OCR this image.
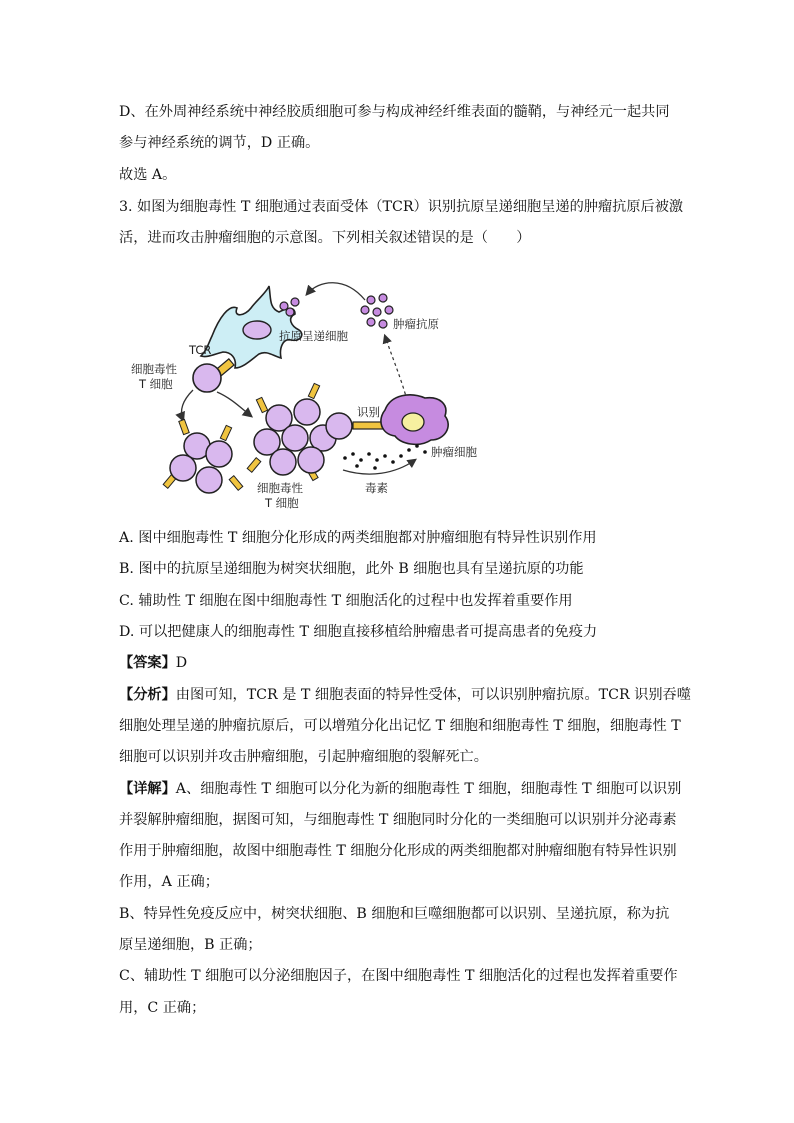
D、在外周神经系统中神经胶质细胞可参与构成神经纤维表面的髓鞘，与神经元一起共同
参与神经系统的调节，D 正确。
故选 A。
3. 如图为细胞毒性 T 细胞通过表面受体（TCR）识别抗原呈递细胞呈递的肿瘤抗原后被激
活，进而攻击肿瘤细胞的示意图。下列相关叙述错误的是（　　）
抗原呈递细胞
肿瘤抗原
TCR
细胞毒性
T 细胞
细胞毒性
T 细胞
识别
肿瘤细胞
毒素
A. 图中细胞毒性 T 细胞分化形成的两类细胞都对肿瘤细胞有特异性识别作用
B. 图中的抗原呈递细胞为树突状细胞，此外 B 细胞也具有呈递抗原的功能
C. 辅助性 T 细胞在图中细胞毒性 T 细胞活化的过程中也发挥着重要作用
D. 可以把健康人的细胞毒性 T 细胞直接移植给肿瘤患者可提高患者的免疫力
【答案】D
【分析】由图可知，TCR 是 T 细胞表面的特异性受体，可以识别肿瘤抗原。TCR 识别吞噬
细胞处理呈递的肿瘤抗原后，可以增殖分化出记忆 T 细胞和细胞毒性 T 细胞，细胞毒性 T
细胞可以识别并攻击肿瘤细胞，引起肿瘤细胞的裂解死亡。
【详解】A、细胞毒性 T 细胞可以分化为新的细胞毒性 T 细胞，细胞毒性 T 细胞可以识别
并裂解肿瘤细胞，据图可知，与细胞毒性 T 细胞同时分化的一类细胞可以识别并分泌毒素
作用于肿瘤细胞，故图中细胞毒性 T 细胞分化形成的两类细胞都对肿瘤细胞有特异性识别
作用，A 正确；
B、特异性免疫反应中，树突状细胞、B 细胞和巨噬细胞都可以识别、呈递抗原，称为抗
原呈递细胞，B 正确；
C、辅助性 T 细胞可以分泌细胞因子，在图中细胞毒性 T 细胞活化的过程也发挥着重要作
用，C 正确；
